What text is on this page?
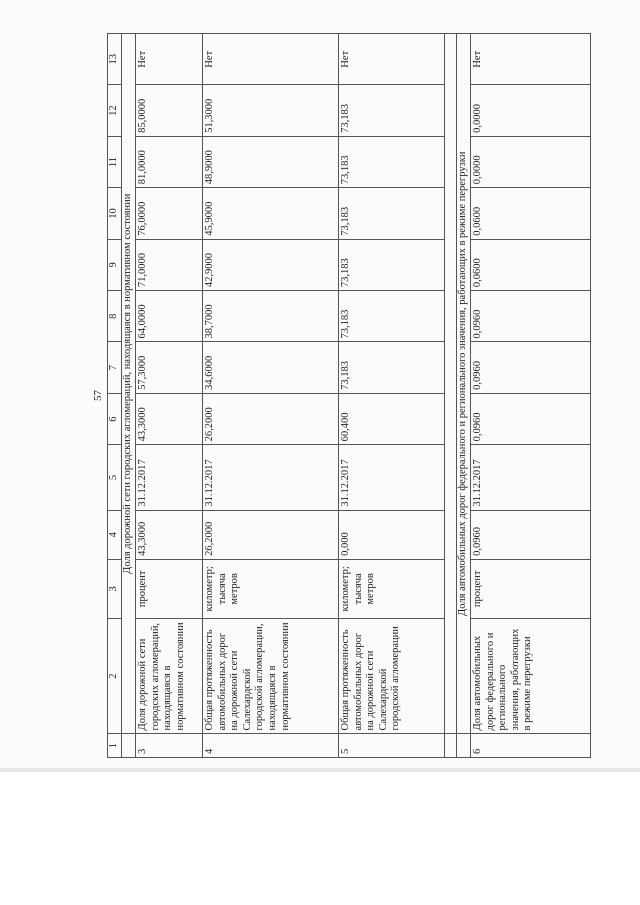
57
1	2	3	4	5	6	7	8	9	10	11	12	13
	Доля дорожной сети городских агломераций, находящаяся в нормативном состоянии											
3	Доля дорожной сети городских агломераций, находящаяся в нормативном состоянии	процент	43,3000	31.12.2017	43,3000	57,3000	64,0000	71,0000	76,0000	81,0000	85,0000	Нет
4	Общая протяженность автомобильных дорог на дорожной сети Салехардской городской агломерации, находящаяся в нормативном состоянии	километр; тысяча метров	26,2000	31.12.2017	26,2000	34,6000	38,7000	42,9000	45,9000	48,9000	51,3000	Нет
5	Общая протяженность автомобильных дорог на дорожной сети Салехардской городской агломерации	километр; тысяча метров	0,000	31.12.2017	60,400	73,183	73,183	73,183	73,183	73,183	73,183	Нет

	Доля автомобильных дорог федерального и регионального значения, работающих в режиме перегрузки											
6	Доля автомобильных дорог федерального и регионального значения, работающих в режиме перегрузки	процент	0,0960	31.12.2017	0,0960	0,0960	0,0960	0,0600	0,0600	0,0000	0,0000	Нет
